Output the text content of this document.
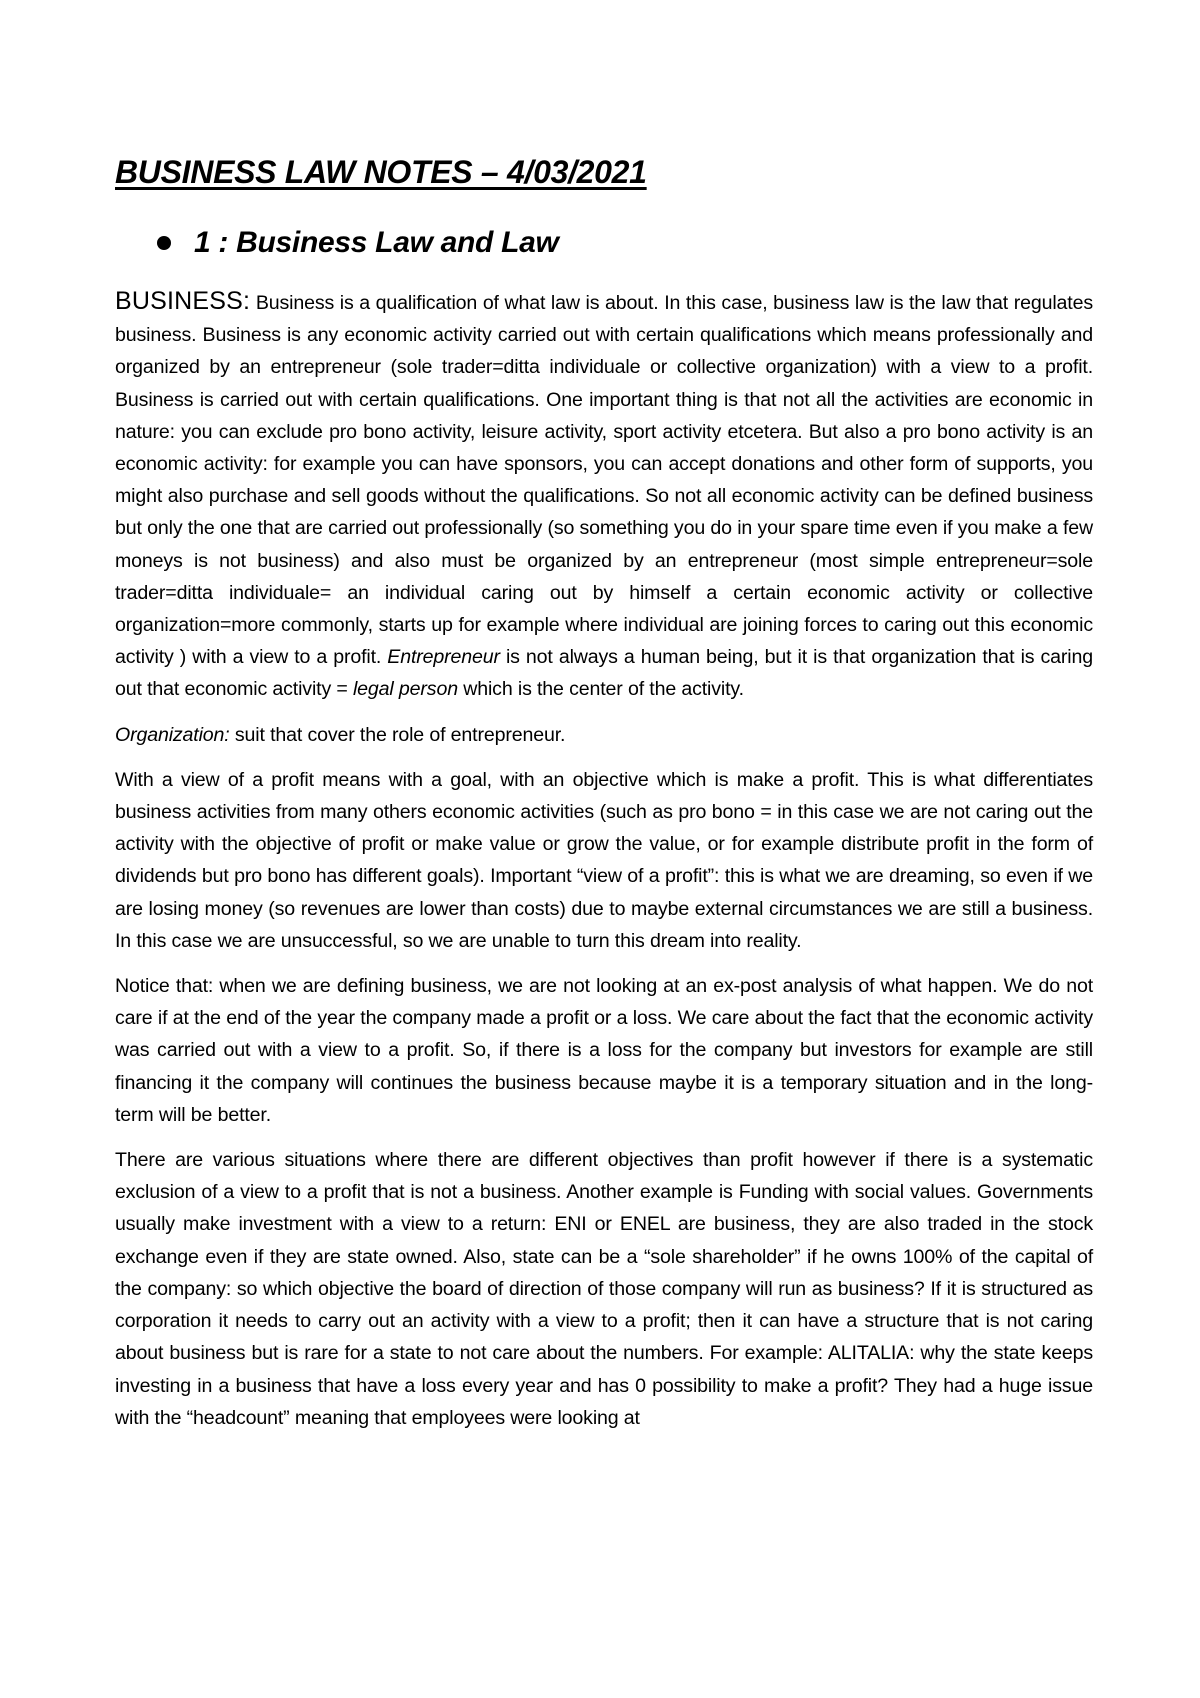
BUSINESS LAW NOTES – 4/03/2021
1 : Business Law and Law

BUSINESS: Business is a qualification of what law is about. In this case, business law is the law that regulates business. Business is any economic activity carried out with certain qualifications which means professionally and organized by an entrepreneur (sole trader=ditta individuale or collective organization) with a view to a profit. Business is carried out with certain qualifications. One important thing is that not all the activities are economic in nature: you can exclude pro bono activity, leisure activity, sport activity etcetera. But also a pro bono activity is an economic activity: for example you can have sponsors, you can accept donations and other form of supports, you might also purchase and sell goods without the qualifications. So not all economic activity can be defined business but only the one that are carried out professionally (so something you do in your spare time even if you make a few moneys is not business) and also must be organized by an entrepreneur (most simple entrepreneur=sole trader=ditta individuale= an individual caring out by himself a certain economic activity or collective organization=more commonly, starts up for example where individual are joining forces to caring out this economic activity ) with a view to a profit. Entrepreneur is not always a human being, but it is that organization that is caring out that economic activity = legal person which is the center of the activity.

Organization: suit that cover the role of entrepreneur.

With a view of a profit means with a goal, with an objective which is make a profit. This is what differentiates business activities from many others economic activities (such as pro bono = in this case we are not caring out the activity with the objective of profit or make value or grow the value, or for example distribute profit in the form of dividends but pro bono has different goals). Important “view of a profit”: this is what we are dreaming, so even if we are losing money (so revenues are lower than costs) due to maybe external circumstances we are still a business. In this case we are unsuccessful, so we are unable to turn this dream into reality.

Notice that: when we are defining business, we are not looking at an ex-post analysis of what happen. We do not care if at the end of the year the company made a profit or a loss. We care about the fact that the economic activity was carried out with a view to a profit. So, if there is a loss for the company but investors for example are still financing it the company will continues the business because maybe it is a temporary situation and in the long-term will be better.

There are various situations where there are different objectives than profit however if there is a systematic exclusion of a view to a profit that is not a business. Another example is Funding with social values. Governments usually make investment with a view to a return: ENI or ENEL are business, they are also traded in the stock exchange even if they are state owned. Also, state can be a “sole shareholder” if he owns 100% of the capital of the company: so which objective the board of direction of those company will run as business? If it is structured as corporation it needs to carry out an activity with a view to a profit; then it can have a structure that is not caring about business but is rare for a state to not care about the numbers. For example: ALITALIA: why the state keeps investing in a business that have a loss every year and has 0 possibility to make a profit? They had a huge issue with the “headcount” meaning that employees were looking at
